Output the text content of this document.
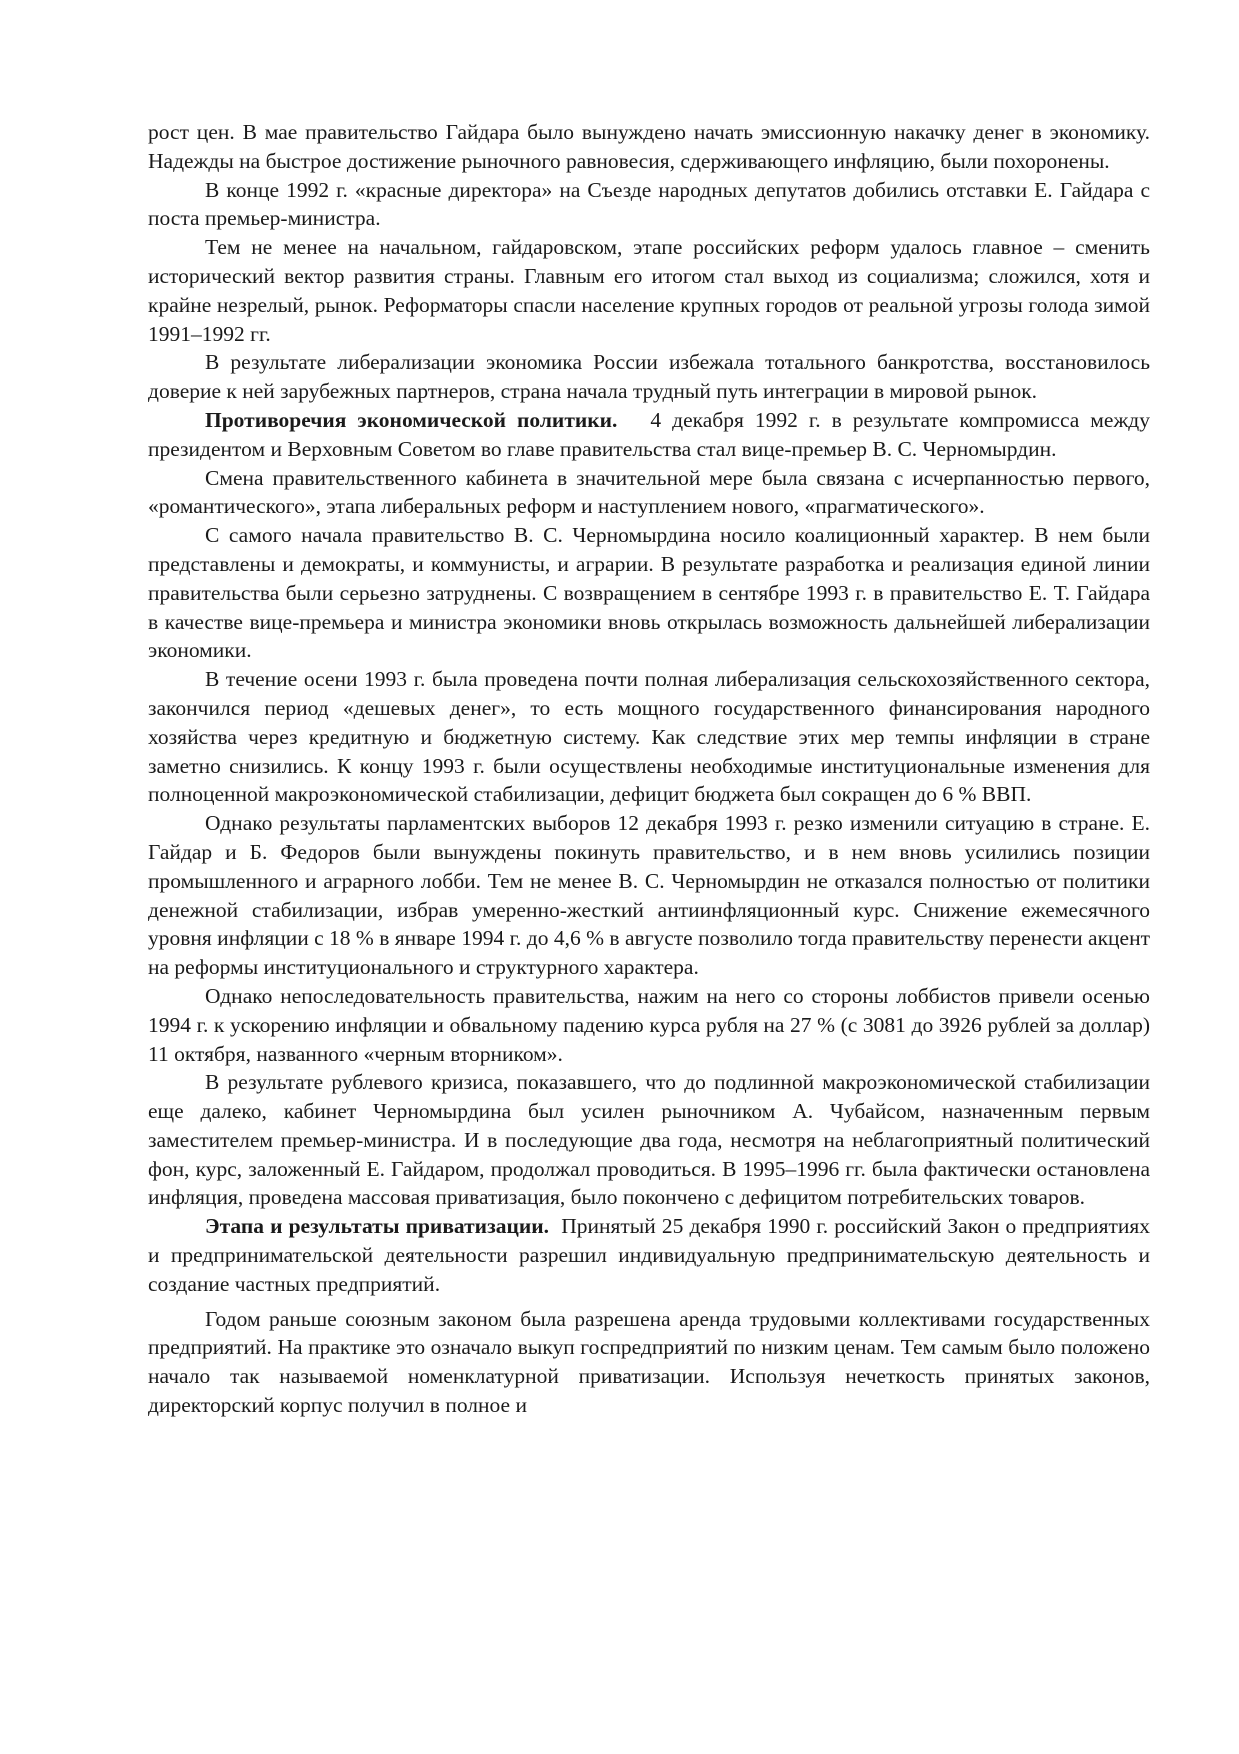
рост цен. В мае правительство Гайдара было вынуждено начать эмиссионную накачку денег в экономику. Надежды на быстрое достижение рыночного равновесия, сдерживающего инфляцию, были похоронены.

В конце 1992 г. «красные директора» на Съезде народных депутатов добились отставки Е. Гайдара с поста премьер-министра.

Тем не менее на начальном, гайдаровском, этапе российских реформ удалось главное – сменить исторический вектор развития страны. Главным его итогом стал выход из социализма; сложился, хотя и крайне незрелый, рынок. Реформаторы спасли население крупных городов от реальной угрозы голода зимой 1991–1992 гг.

В результате либерализации экономика России избежала тотального банкротства, восстановилось доверие к ней зарубежных партнеров, страна начала трудный путь интеграции в мировой рынок.

Противоречия экономической политики. 4 декабря 1992 г. в результате компромисса между президентом и Верховным Советом во главе правительства стал вице-премьер В. С. Черномырдин.

Смена правительственного кабинета в значительной мере была связана с исчерпанностью первого, «романтического», этапа либеральных реформ и наступлением нового, «прагматического».

С самого начала правительство В. С. Черномырдина носило коалиционный характер. В нем были представлены и демократы, и коммунисты, и аграрии. В результате разработка и реализация единой линии правительства были серьезно затруднены. С возвращением в сентябре 1993 г. в правительство Е. Т. Гайдара в качестве вице-премьера и министра экономики вновь открылась возможность дальнейшей либерализации экономики.

В течение осени 1993 г. была проведена почти полная либерализация сельскохозяйственного сектора, закончился период «дешевых денег», то есть мощного государственного финансирования народного хозяйства через кредитную и бюджетную систему. Как следствие этих мер темпы инфляции в стране заметно снизились. К концу 1993 г. были осуществлены необходимые институциональные изменения для полноценной макроэкономической стабилизации, дефицит бюджета был сокращен до 6 % ВВП.

Однако результаты парламентских выборов 12 декабря 1993 г. резко изменили ситуацию в стране. Е. Гайдар и Б. Федоров были вынуждены покинуть правительство, и в нем вновь усилились позиции промышленного и аграрного лобби. Тем не менее В. С. Черномырдин не отказался полностью от политики денежной стабилизации, избрав умеренно-жесткий антиинфляционный курс. Снижение ежемесячного уровня инфляции с 18 % в январе 1994 г. до 4,6 % в августе позволило тогда правительству перенести акцент на реформы институционального и структурного характера.

Однако непоследовательность правительства, нажим на него со стороны лоббистов привели осенью 1994 г. к ускорению инфляции и обвальному падению курса рубля на 27 % (с 3081 до 3926 рублей за доллар) 11 октября, названного «черным вторником».

В результате рублевого кризиса, показавшего, что до подлинной макроэкономической стабилизации еще далеко, кабинет Черномырдина был усилен рыночником А. Чубайсом, назначенным первым заместителем премьер-министра. И в последующие два года, несмотря на неблагоприятный политический фон, курс, заложенный Е. Гайдаром, продолжал проводиться. В 1995–1996 гг. была фактически остановлена инфляция, проведена массовая приватизация, было покончено с дефицитом потребительских товаров.

Этапа и результаты приватизации. Принятый 25 декабря 1990 г. российский Закон о предприятиях и предпринимательской деятельности разрешил индивидуальную предпринимательскую деятельность и создание частных предприятий.

Годом раньше союзным законом была разрешена аренда трудовыми коллективами государственных предприятий. На практике это означало выкуп госпредприятий по низким ценам. Тем самым было положено начало так называемой номенклатурной приватизации. Используя нечеткость принятых законов, директорский корпус получил в полное и
